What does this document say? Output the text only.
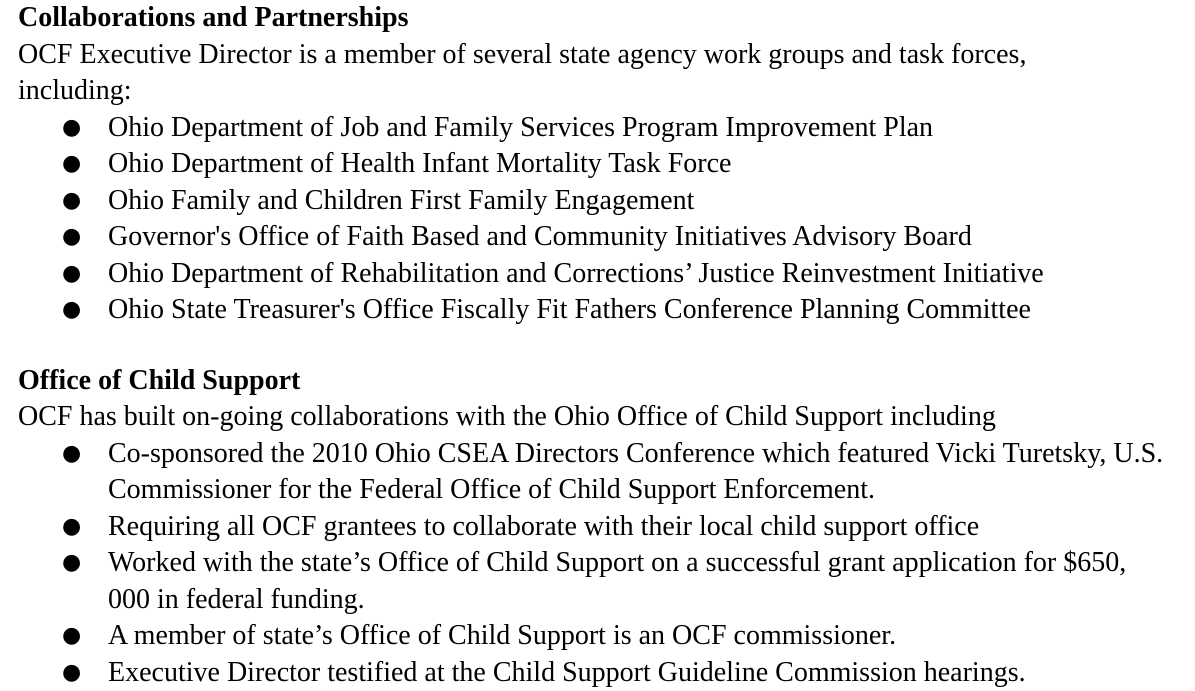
Collaborations and Partnerships

OCF Executive Director is a member of several state agency work groups and task forces, including:

● Ohio Department of Job and Family Services Program Improvement Plan
● Ohio Department of Health Infant Mortality Task Force
● Ohio Family and Children First Family Engagement
● Governor's Office of Faith Based and Community Initiatives Advisory Board
● Ohio Department of Rehabilitation and Corrections’ Justice Reinvestment Initiative
● Ohio State Treasurer's Office Fiscally Fit Fathers Conference Planning Committee

Office of Child Support

OCF has built on-going collaborations with the Ohio Office of Child Support including

● Co-sponsored the 2010 Ohio CSEA Directors Conference which featured Vicki Turetsky, U.S. Commissioner for the Federal Office of Child Support Enforcement.
● Requiring all OCF grantees to collaborate with their local child support office
● Worked with the state’s Office of Child Support on a successful grant application for $650, 000 in federal funding.
● A member of state’s Office of Child Support is an OCF commissioner.
● Executive Director testified at the Child Support Guideline Commission hearings.
